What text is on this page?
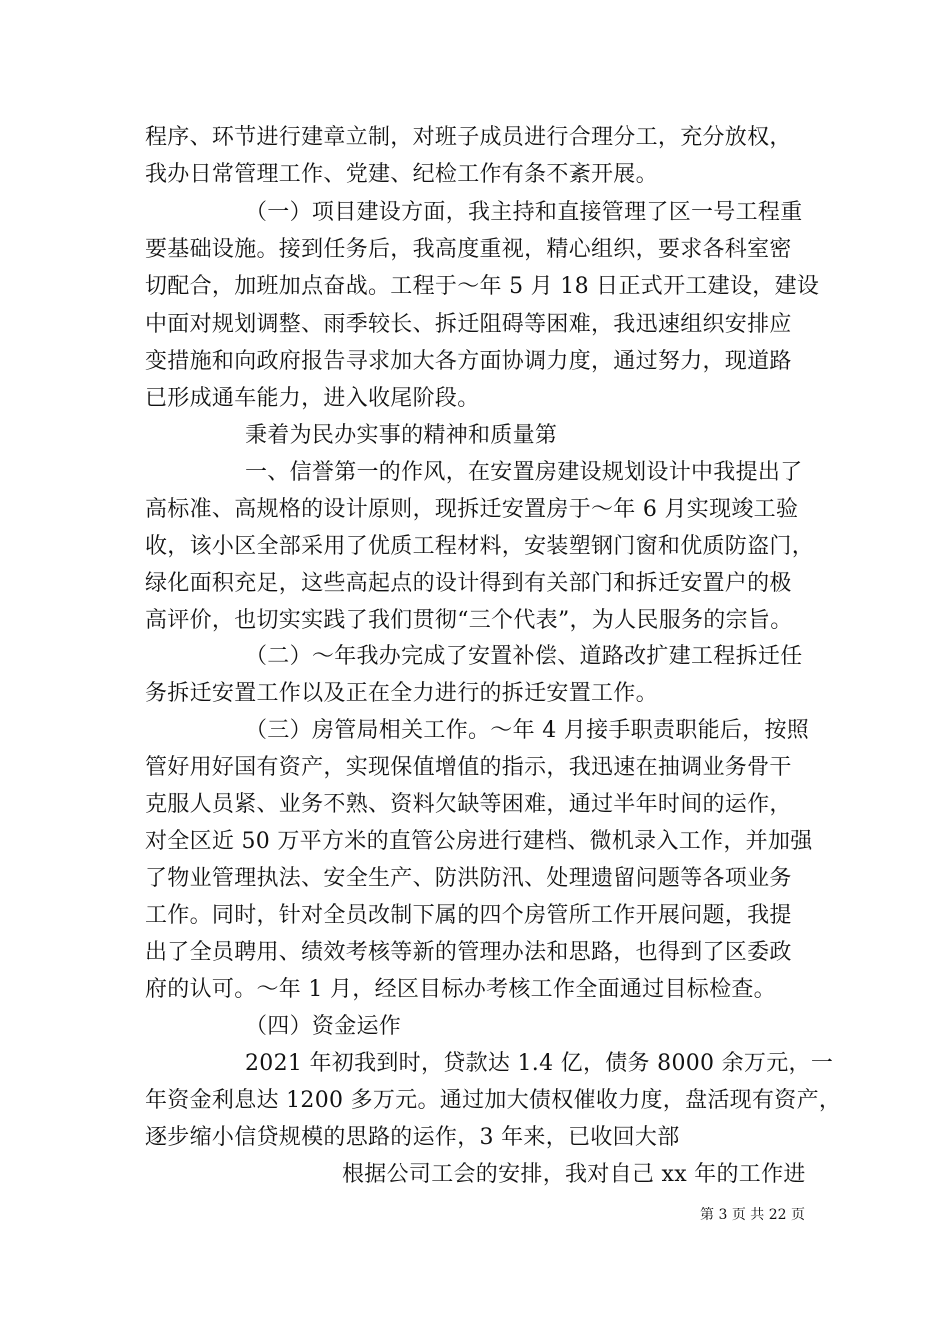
程序、环节进行建章立制，对班子成员进行合理分工，充分放权，
我办日常管理工作、党建、纪检工作有条不紊开展。
（一）项目建设方面，我主持和直接管理了区一号工程重
要基础设施。接到任务后，我高度重视，精心组织，要求各科室密
切配合，加班加点奋战。工程于～年 5 月 18 日正式开工建设，建设
中面对规划调整、雨季较长、拆迁阻碍等困难，我迅速组织安排应
变措施和向政府报告寻求加大各方面协调力度，通过努力，现道路
已形成通车能力，进入收尾阶段。
秉着为民办实事的精神和质量第
一、信誉第一的作风，在安置房建设规划设计中我提出了
高标准、高规格的设计原则，现拆迁安置房于～年 6 月实现竣工验
收，该小区全部采用了优质工程材料，安装塑钢门窗和优质防盗门，
绿化面积充足，这些高起点的设计得到有关部门和拆迁安置户的极
高评价，也切实实践了我们贯彻“三个代表”，为人民服务的宗旨。
（二）～年我办完成了安置补偿、道路改扩建工程拆迁任
务拆迁安置工作以及正在全力进行的拆迁安置工作。
（三）房管局相关工作。～年 4 月接手职责职能后，按照
管好用好国有资产，实现保值增值的指示，我迅速在抽调业务骨干
克服人员紧、业务不熟、资料欠缺等困难，通过半年时间的运作，
对全区近 50 万平方米的直管公房进行建档、微机录入工作，并加强
了物业管理执法、安全生产、防洪防汛、处理遗留问题等各项业务
工作。同时，针对全员改制下属的四个房管所工作开展问题，我提
出了全员聘用、绩效考核等新的管理办法和思路，也得到了区委政
府的认可。～年 1 月，经区目标办考核工作全面通过目标检查。
（四）资金运作
2021 年初我到时，贷款达 1.4 亿，债务 8000 余万元，一
年资金利息达 1200 多万元。通过加大债权催收力度，盘活现有资产，
逐步缩小信贷规模的思路的运作，3 年来，已收回大部
根据公司工会的安排，我对自己 xx 年的工作进
第 3 页 共 22 页
